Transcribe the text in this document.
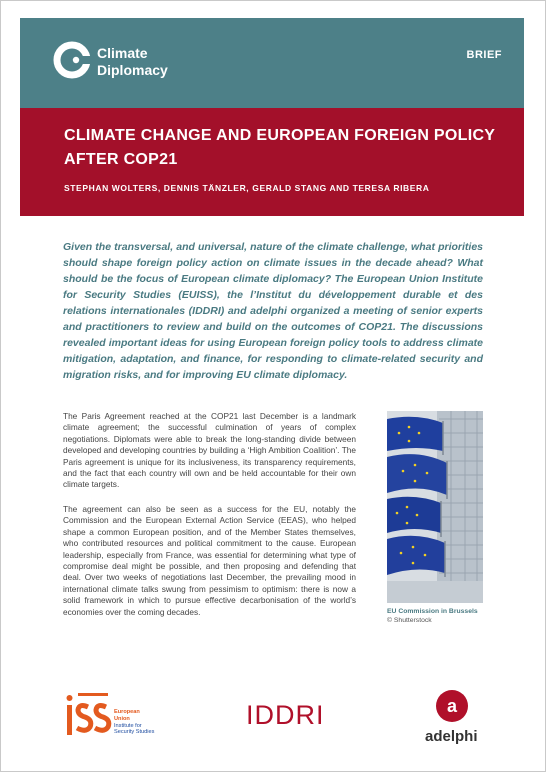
Climate
Diplomacy
BRIEF
CLIMATE CHANGE AND EUROPEAN FOREIGN POLICY AFTER COP21
STEPHAN WOLTERS, DENNIS TÄNZLER, GERALD STANG AND TERESA RIBERA

Given the transversal, and universal, nature of the climate challenge, what priorities should shape foreign policy action on climate issues in the decade ahead? What should be the focus of European climate diplomacy? The European Union Institute for Security Studies (EUISS), the l’Institut du développement durable et des relations internationales (IDDRI) and adelphi organized a meeting of senior experts and practitioners to review and build on the outcomes of COP21. The discussions revealed important ideas for using European foreign policy tools to address climate mitigation, adaptation, and finance, for responding to climate-related security and migration risks, and for improving EU climate diplomacy.

The Paris Agreement reached at the COP21 last December is a landmark climate agreement; the successful culmination of years of complex negotiations. Diplomats were able to break the long-standing divide between developed and developing countries by building a ‘High Ambition Coalition’. The Paris agreement is unique for its inclusiveness, its transparency requirements, and the fact that each country will own and be held accountable for their own climate targets.

The agreement can also be seen as a success for the EU, notably the Commission and the European External Action Service (EEAS), who helped shape a common European position, and of the Member States themselves, who contributed resources and political commitment to the cause. European leadership, especially from France, was essential for determining what type of compromise deal might be possible, and then proposing and defending that deal. Over two weeks of negotiations last December, the prevailing mood in international climate talks swung from pessimism to optimism: there is now a solid framework in which to pursue effective decarbonisation of the world’s economies over the coming decades.	EU Commission in Brussels
© Shutterstock
European
Union
Institute for
Security Studies
IDDRI	a
adelphi
